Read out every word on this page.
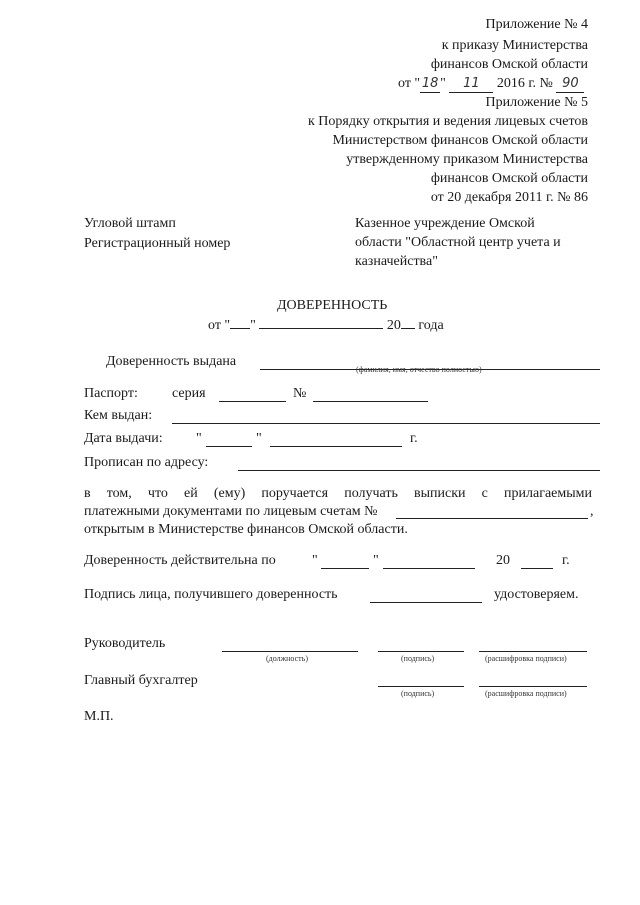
Приложение № 4
к приказу Министерства
финансов Омской области
от " 18 " 11 2016 г. № 90
Приложение № 5
к Порядку открытия и ведения лицевых счетов
Министерством финансов Омской области
утвержденному приказом Министерства
финансов Омской области
от 20 декабря 2011 г. № 86
Угловой штамп
Регистрационный номер
Казенное учреждение Омской
области "Областной центр учета и
казначейства"
ДОВЕРЕННОСТЬ
от " "	20 года
Доверенность выдана
(фамилия, имя, отчество полностью)
Паспорт: серия	№
Кем выдан:
Дата выдачи: "	"	г.
Прописан по адресу:
в том, что ей (ему) поручается получать выписки с прилагаемыми
платежными документами по лицевым счетам №	,
открытым в Министерстве финансов Омской области.
Доверенность действительна по	"	"	20	г.
Подпись лица, получившего доверенность	удостоверяем.
Руководитель
(должность)	(подпись)	(расшифровка подписи)
Главный бухгалтер
(подпись)	(расшифровка подписи)
М.П.
